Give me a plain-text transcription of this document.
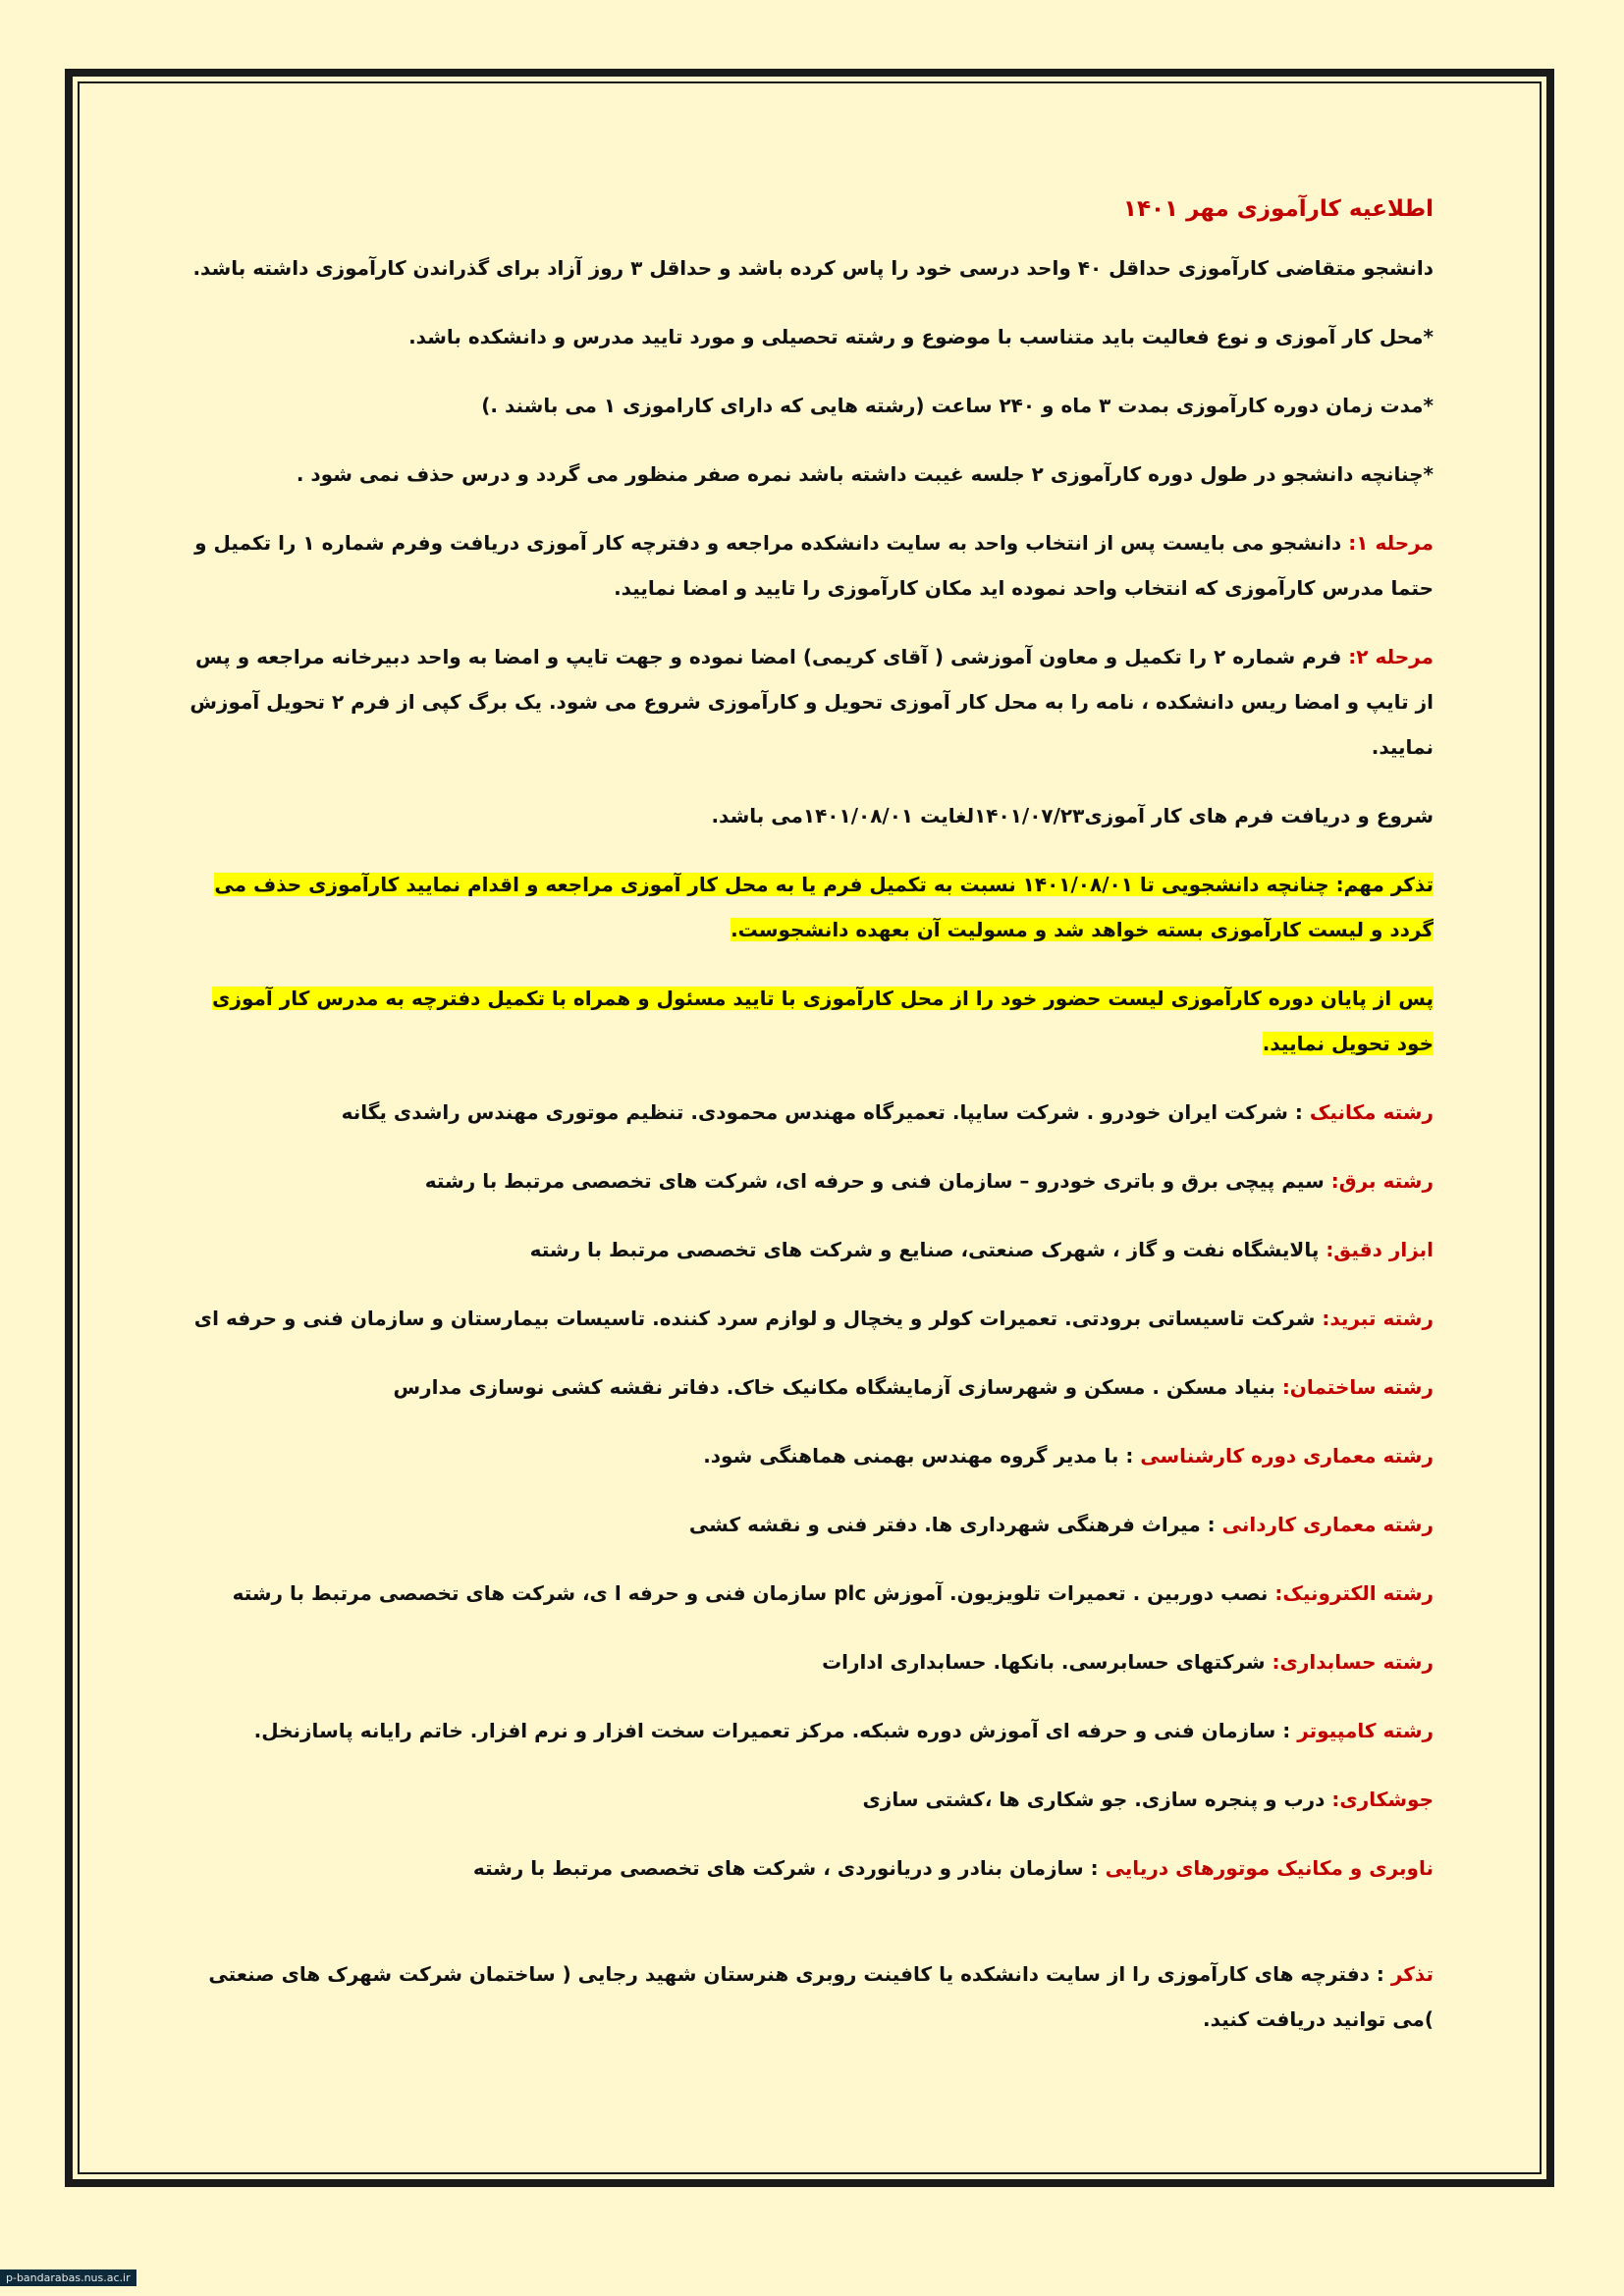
اطلاعیه کارآموزی مهر ۱۴۰۱
دانشجو متقاضی کارآموزی حداقل ۴۰ واحد درسی خود را پاس کرده باشد و حداقل ۳ روز آزاد برای گذراندن کارآموزی داشته باشد.
*محل کار آموزی و نوع فعالیت باید متناسب با موضوع و رشته تحصیلی و مورد تایید مدرس و دانشکده باشد.
*مدت زمان دوره کارآموزی بمدت ۳ ماه و ۲۴۰ ساعت (رشته هایی که دارای کاراموزی ۱ می باشند .)
*چنانچه دانشجو در طول دوره کارآموزی ۲ جلسه غیبت داشته باشد نمره صفر منظور می گردد و درس حذف نمی شود .
مرحله ۱: دانشجو می بایست پس از انتخاب واحد به سایت دانشکده مراجعه و دفترچه کار آموزی دریافت وفرم شماره ۱ را تکمیل و حتما مدرس کارآموزی که انتخاب واحد نموده اید مکان کارآموزی را تایید و امضا نمایید.
مرحله ۲: فرم شماره ۲ را تکمیل و معاون آموزشی ( آقای کریمی) امضا نموده و جهت تایپ و امضا به واحد دبیرخانه مراجعه و پس از تایپ و امضا ریس دانشکده ، نامه را به محل کار آموزی تحویل و کارآموزی شروع می شود. یک برگ کپی از فرم ۲ تحویل آموزش نمایید.
شروع و دریافت فرم های کار آموزی۱۴۰۱/۰۷/۲۳لغایت ۱۴۰۱/۰۸/۰۱می باشد.
تذکر مهم: چنانچه دانشجویی تا ۱۴۰۱/۰۸/۰۱ نسبت به تکمیل فرم یا به محل کار آموزی مراجعه و اقدام نمایید کارآموزی حذف می گردد و لیست کارآموزی بسته خواهد شد و مسولیت آن بعهده دانشجوست.
پس از پایان دوره کارآموزی لیست حضور خود را از محل کارآموزی با تایید مسئول و همراه با تکمیل دفترچه به مدرس کار آموزی خود تحویل نمایید.
رشته مکانیک : شرکت ایران خودرو . شرکت سایپا. تعمیرگاه مهندس محمودی. تنظیم موتوری مهندس راشدی یگانه
رشته برق: سیم پیچی برق و باتری خودرو – سازمان فنی و حرفه ای، شرکت های تخصصی مرتبط با رشته
ابزار دقیق: پالایشگاه نفت و گاز ، شهرک صنعتی، صنایع و شرکت های تخصصی مرتبط با رشته
رشته تبرید: شرکت تاسیساتی برودتی. تعمیرات کولر و یخچال و لوازم سرد کننده. تاسیسات بیمارستان و سازمان فنی و حرفه ای
رشته ساختمان: بنیاد مسکن . مسکن و شهرسازی آزمایشگاه مکانیک خاک. دفاتر نقشه کشی نوسازی مدارس
رشته معماری دوره کارشناسی : با مدیر گروه مهندس بهمنی هماهنگی شود.
رشته معماری کاردانی : میراث فرهنگی شهرداری ها. دفتر فنی و نقشه کشی
رشته الکترونیک: نصب دوربین . تعمیرات تلویزیون. آموزش plc سازمان فنی و حرفه ا ی، شرکت های تخصصی مرتبط با رشته
رشته حسابداری: شرکتهای حسابرسی. بانکها. حسابداری ادارات
رشته کامپیوتر : سازمان فنی و حرفه ای آموزش دوره شبکه. مرکز تعمیرات سخت افزار و نرم افزار. خاتم رایانه پاسازنخل.
جوشکاری: درب و پنجره سازی. جو شکاری ها ،کشتی سازی
ناوبری و مکانیک موتورهای دریایی : سازمان بنادر و دریانوردی ، شرکت های تخصصی مرتبط با رشته
تذکر : دفترچه های کارآموزی را از سایت دانشکده یا کافینت روبری هنرستان شهید رجایی ( ساختمان شرکت شهرک های صنعتی )می توانید دریافت کنید.
p-bandarabas.nus.ac.ir
